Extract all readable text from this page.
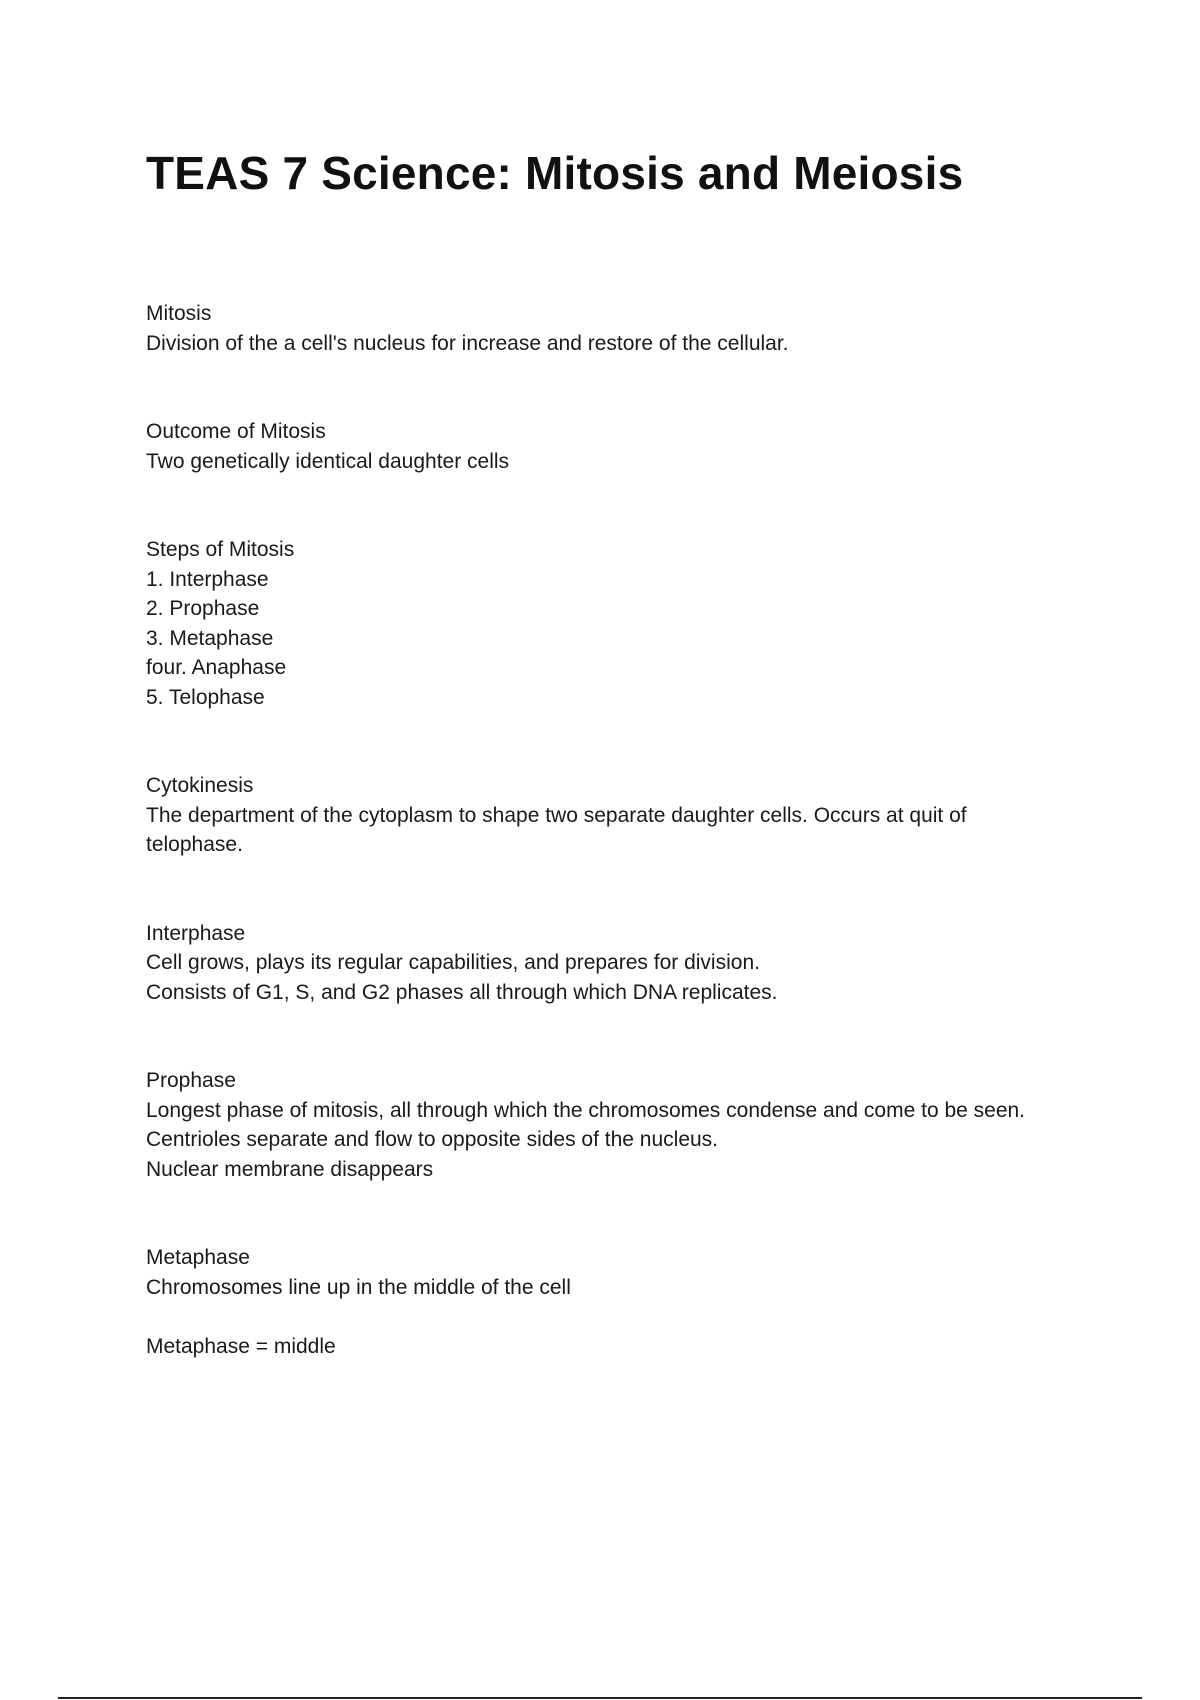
TEAS 7 Science: Mitosis and Meiosis
Mitosis
Division of the a cell's nucleus for increase and restore of the cellular.
Outcome of Mitosis
Two genetically identical daughter cells
Steps of Mitosis
1. Interphase
2. Prophase
3. Metaphase
four. Anaphase
5. Telophase
Cytokinesis
The department of the cytoplasm to shape two separate daughter cells. Occurs at quit of telophase.
Interphase
Cell grows, plays its regular capabilities, and prepares for division.
Consists of G1, S, and G2 phases all through which DNA replicates.
Prophase
Longest phase of mitosis, all through which the chromosomes condense and come to be seen.
Centrioles separate and flow to opposite sides of the nucleus.
Nuclear membrane disappears
Metaphase
Chromosomes line up in the middle of the cell
Metaphase = middle
